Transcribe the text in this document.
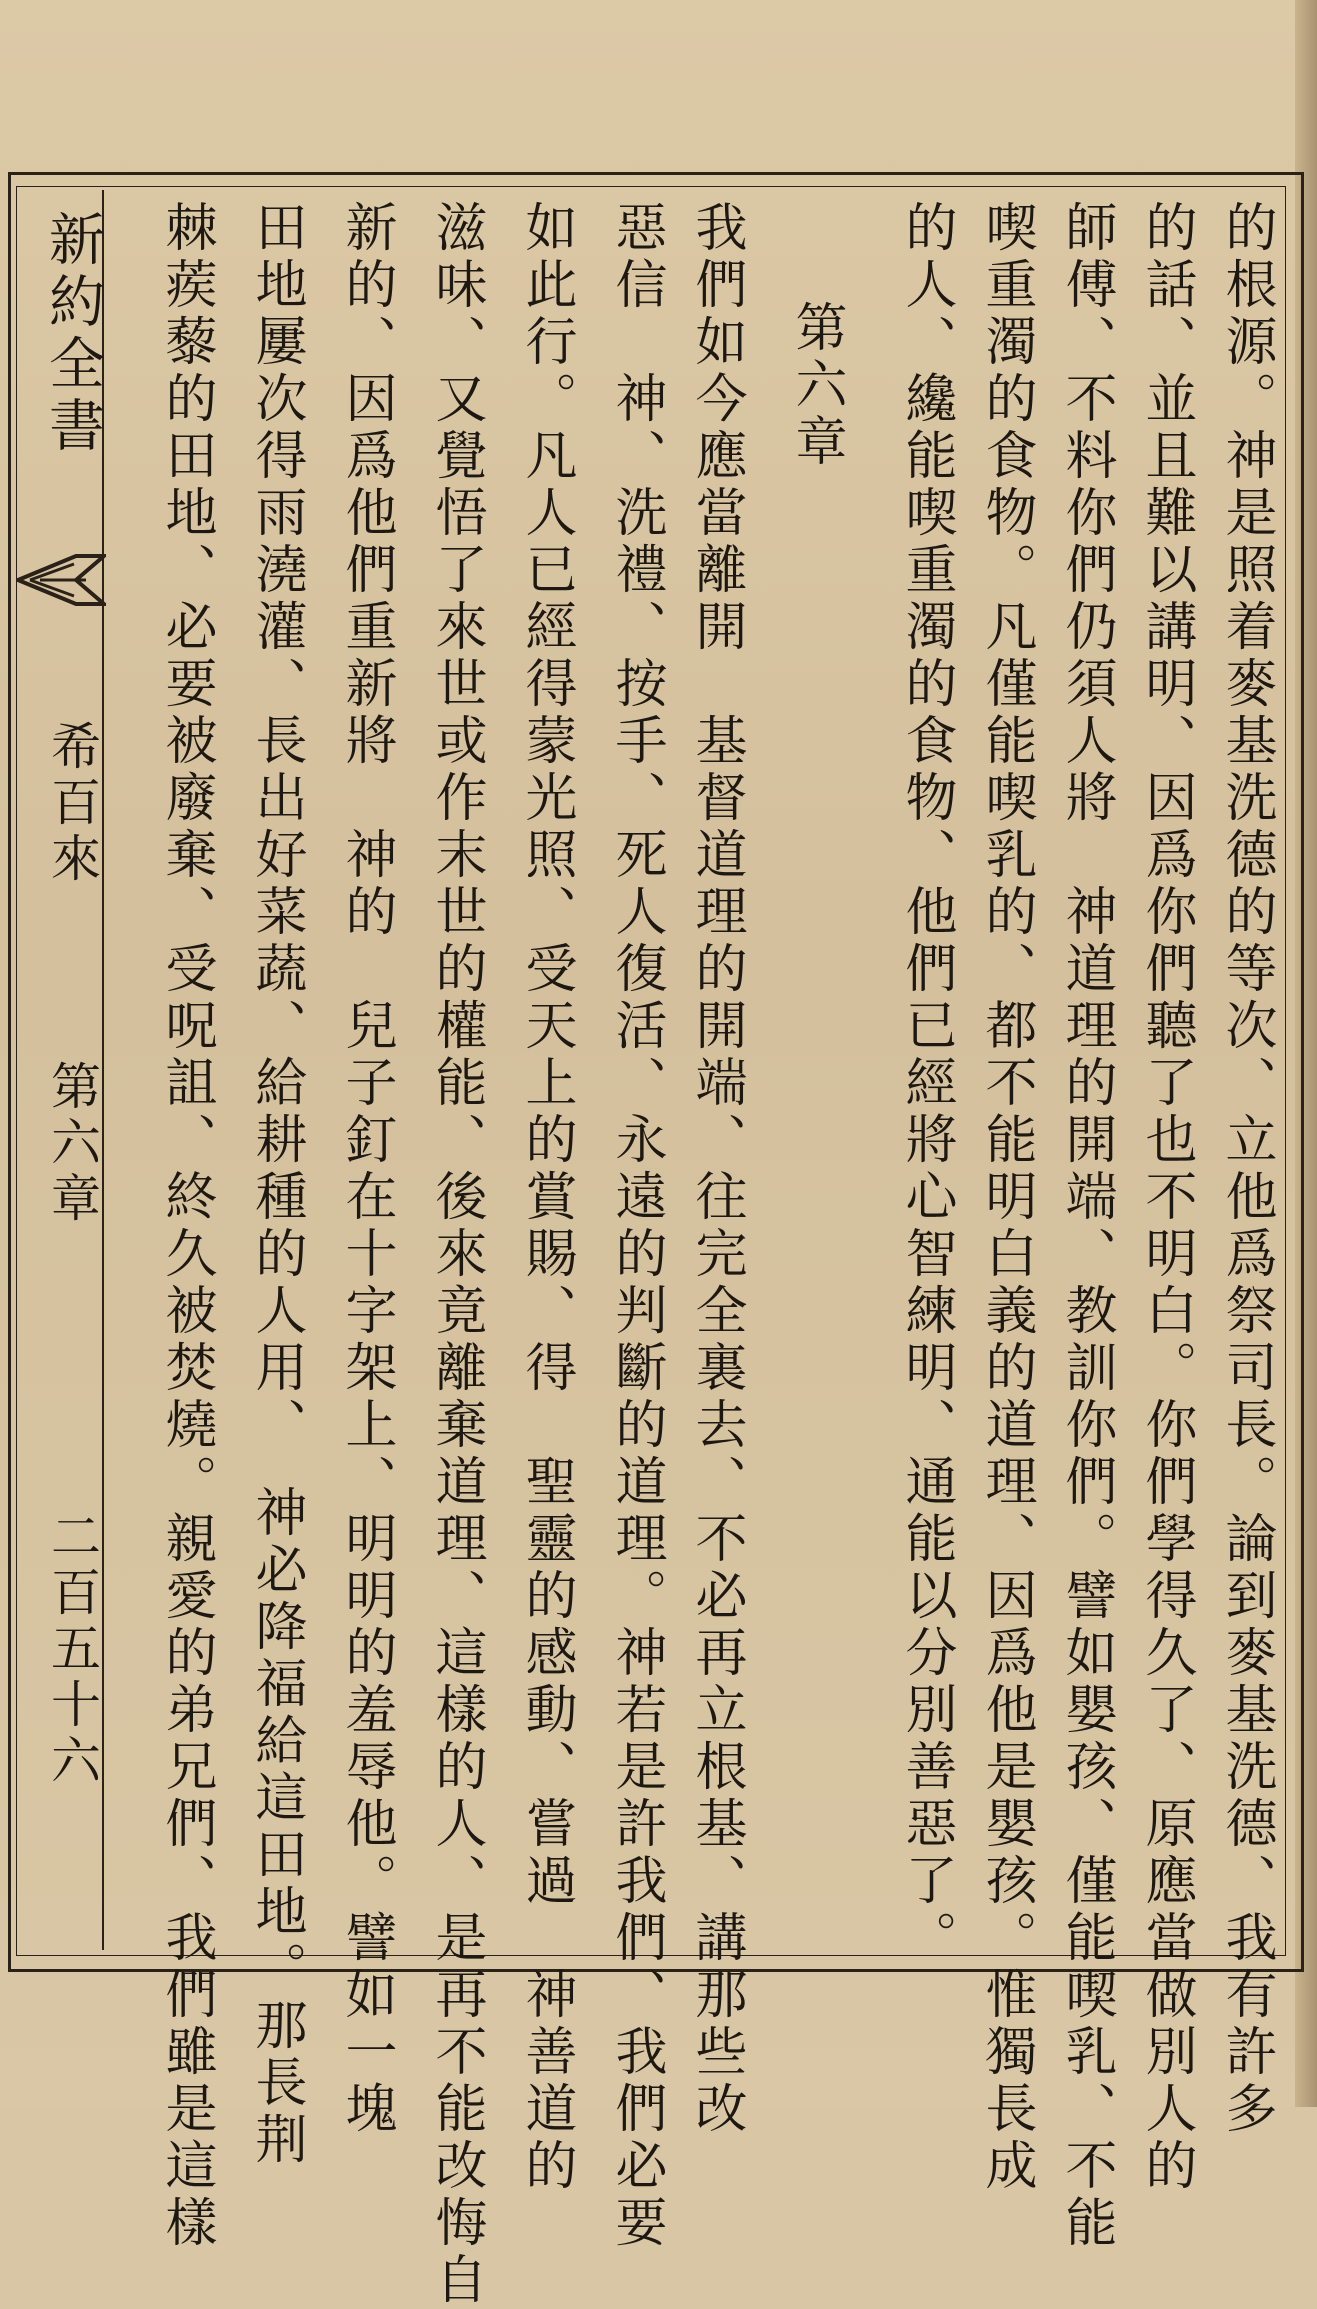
新約全書
希百來
第六章
二百五十六	的根源。神是照着麥基洗德的等次、立他爲祭司長。論到麥基洗德、我有許多
的話、並且難以講明、因爲你們聽了也不明白。你們學得久了、原應當做別人的
師傅、不料你們仍須人將　神道理的開端、教訓你們。譬如嬰孩、僅能喫乳、不能
喫重濁的食物。凡僅能喫乳的、都不能明白義的道理、因爲他是嬰孩。惟獨長成
的人、纔能喫重濁的食物、他們已經將心智練明、通能以分別善惡了。
第六章
我們如今應當離開　基督道理的開端、往完全裏去、不必再立根基、講那些改
惡信　神、洗禮、按手、死人復活、永遠的判斷的道理。神若是許我們、我們必要
如此行。凡人已經得蒙光照、受天上的賞賜、得　聖靈的感動、嘗過　神善道的
滋味、又覺悟了來世或作末世的權能、後來竟離棄道理、這樣的人、是再不能改悔自
新的、因爲他們重新將　神的　兒子釘在十字架上、明明的羞辱他。譬如一塊
田地屢次得雨澆灌、長出好菜蔬、給耕種的人用、　神必降福給這田地。那長荆
棘蒺藜的田地、必要被廢棄、受呪詛、終久被焚燒。親愛的弟兄們、我們雖是這樣
